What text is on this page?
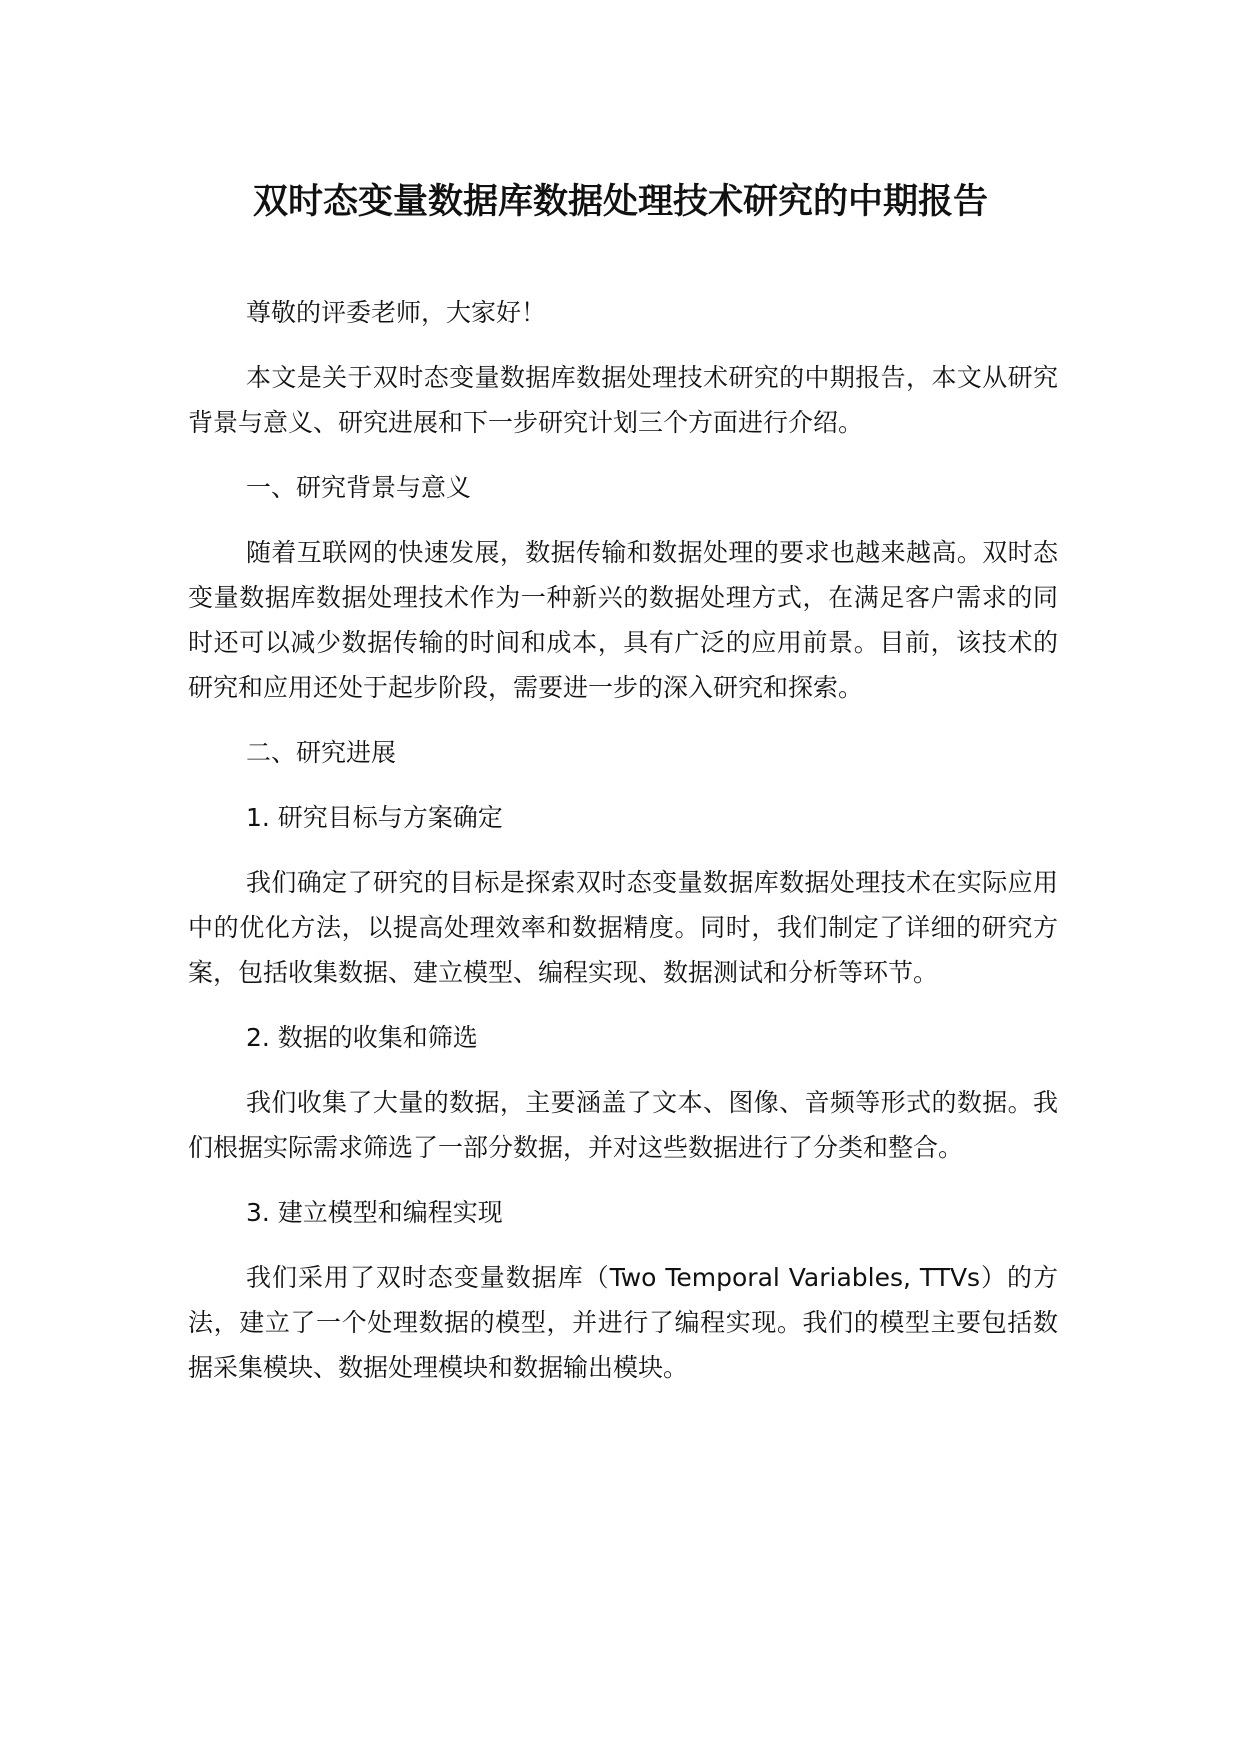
双时态变量数据库数据处理技术研究的中期报告

尊敬的评委老师，大家好！

本文是关于双时态变量数据库数据处理技术研究的中期报告，本文从研究背景与意义、研究进展和下一步研究计划三个方面进行介绍。

一、研究背景与意义

随着互联网的快速发展，数据传输和数据处理的要求也越来越高。双时态变量数据库数据处理技术作为一种新兴的数据处理方式，在满足客户需求的同时还可以减少数据传输的时间和成本，具有广泛的应用前景。目前，该技术的研究和应用还处于起步阶段，需要进一步的深入研究和探索。

二、研究进展

1. 研究目标与方案确定

我们确定了研究的目标是探索双时态变量数据库数据处理技术在实际应用中的优化方法，以提高处理效率和数据精度。同时，我们制定了详细的研究方案，包括收集数据、建立模型、编程实现、数据测试和分析等环节。

2. 数据的收集和筛选

我们收集了大量的数据，主要涵盖了文本、图像、音频等形式的数据。我们根据实际需求筛选了一部分数据，并对这些数据进行了分类和整合。

3. 建立模型和编程实现

我们采用了双时态变量数据库（Two Temporal Variables, TTVs）的方法，建立了一个处理数据的模型，并进行了编程实现。我们的模型主要包括数据采集模块、数据处理模块和数据输出模块。
